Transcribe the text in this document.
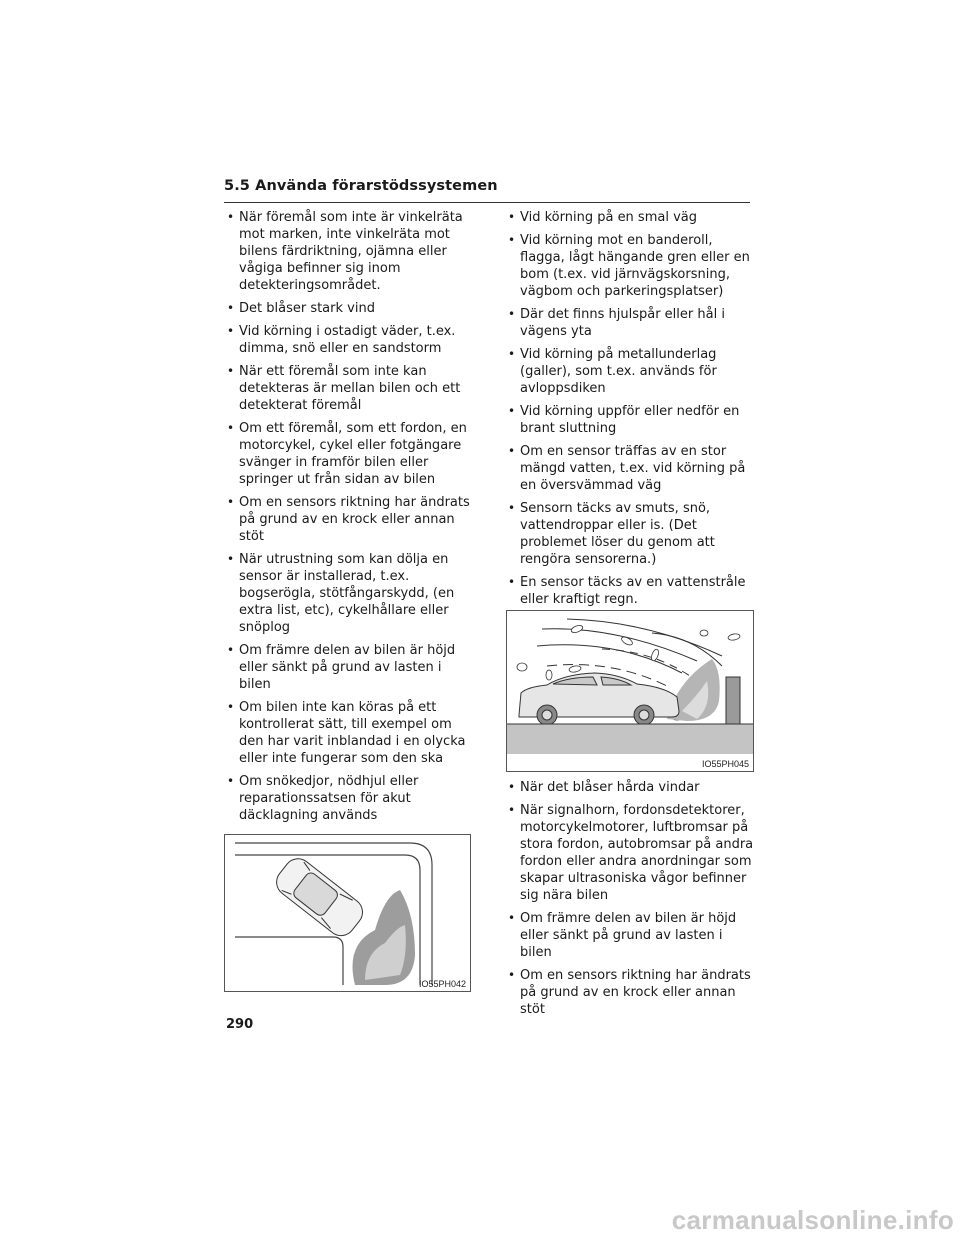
5.5 Använda förarstödssystemen
• När föremål som inte är vinkelräta mot marken, inte vinkelräta mot bilens färdriktning, ojämna eller vågiga befinner sig inom detekteringsområdet.
• Det blåser stark vind
• Vid körning i ostadigt väder, t.ex. dimma, snö eller en sandstorm
• När ett föremål som inte kan detekteras är mellan bilen och ett detekterat föremål
• Om ett föremål, som ett fordon, en motorcykel, cykel eller fotgängare svänger in framför bilen eller springer ut från sidan av bilen
• Om en sensors riktning har ändrats på grund av en krock eller annan stöt
• När utrustning som kan dölja en sensor är installerad, t.ex. bogserögla, stötfångarskydd, (en extra list, etc), cykelhållare eller snöplog
• Om främre delen av bilen är höjd eller sänkt på grund av lasten i bilen
• Om bilen inte kan köras på ett kontrollerat sätt, till exempel om den har varit inblandad i en olycka eller inte fungerar som den ska
• Om snökedjor, nödhjul eller reparationssatsen för akut däcklagning används

• Vid körning på en smal väg
• Vid körning mot en banderoll, flagga, lågt hängande gren eller en bom (t.ex. vid järnvägskorsning, vägbom och parkeringsplatser)
• Där det finns hjulspår eller hål i vägens yta
• Vid körning på metallunderlag (galler), som t.ex. används för avloppsdiken
• Vid körning uppför eller nedför en brant sluttning
• Om en sensor träffas av en stor mängd vatten, t.ex. vid körning på en översvämmad väg
• Sensorn täcks av smuts, snö, vattendroppar eller is. (Det problemet löser du genom att rengöra sensorerna.)
• En sensor täcks av en vattenstråle eller kraftigt regn.
• När det blåser hårda vindar
• När signalhorn, fordonsdetektorer, motorcykelmotorer, luftbromsar på stora fordon, autobromsar på andra fordon eller andra anordningar som skapar ultrasoniska vågor befinner sig nära bilen
• Om främre delen av bilen är höjd eller sänkt på grund av lasten i bilen
• Om en sensors riktning har ändrats på grund av en krock eller annan stöt
IO55PH045
IO55PH042
290
carmanualsonline.info
